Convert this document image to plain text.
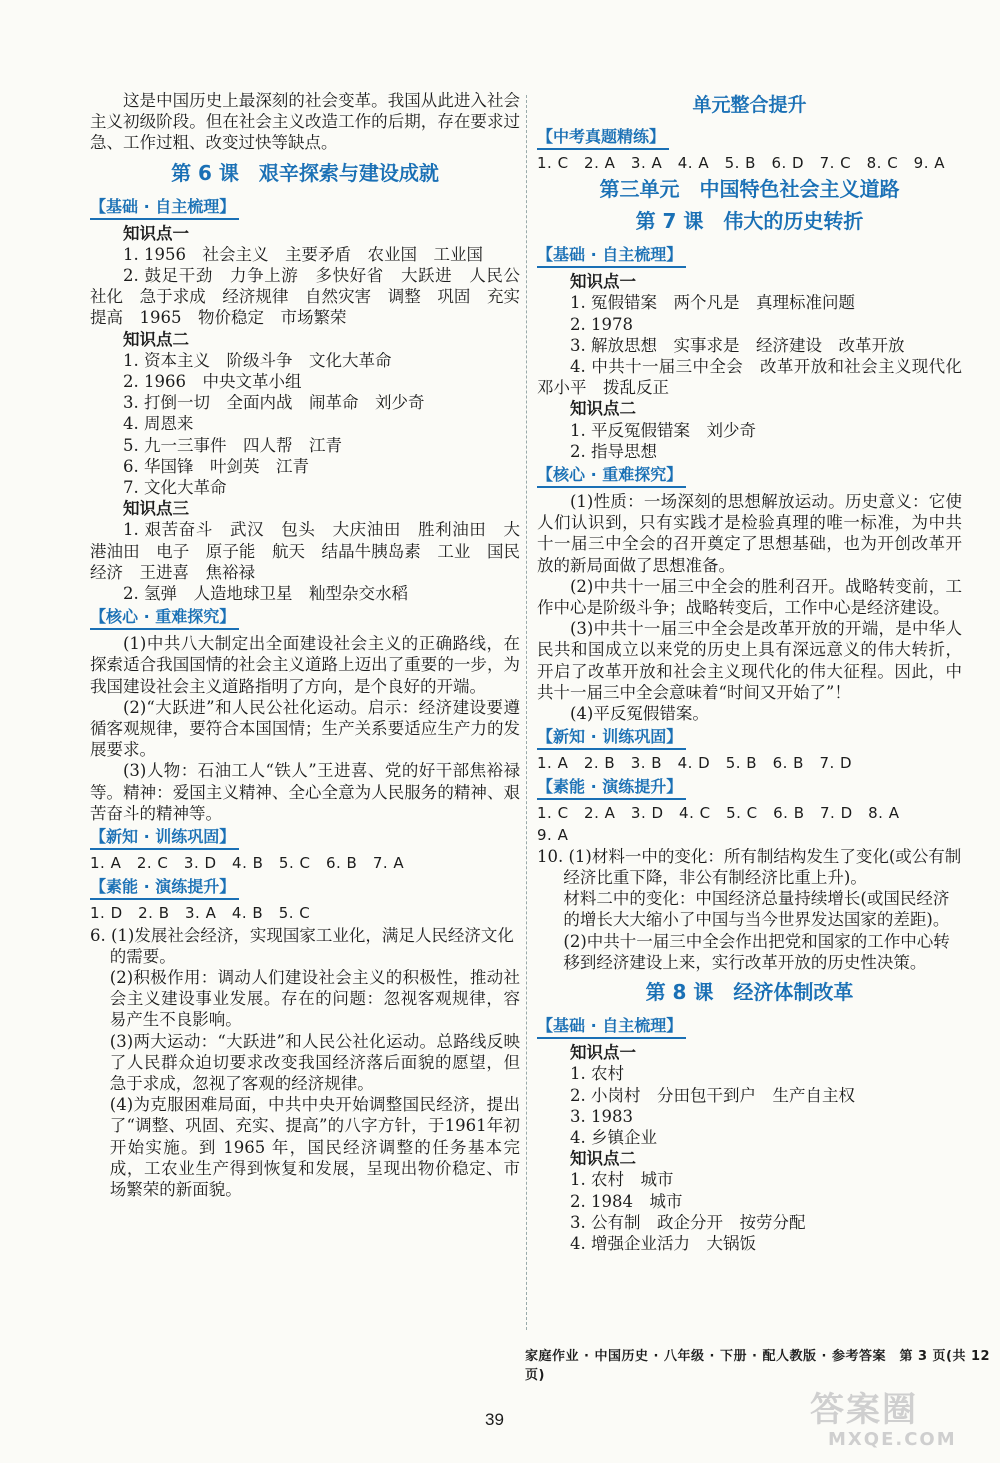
这是中国历史上最深刻的社会变革。我国从此进入社会主义初级阶段。但在社会主义改造工作的后期，存在要求过急、工作过粗、改变过快等缺点。
第 6 课　艰辛探索与建设成就
【基础 · 自主梳理】
知识点一
1. 1956　社会主义　主要矛盾　农业国　工业国
2. 鼓足干劲　力争上游　多快好省　大跃进　人民公社化　急于求成　经济规律　自然灾害　调整　巩固　充实　提高　1965　物价稳定　市场繁荣
知识点二
1. 资本主义　阶级斗争　文化大革命
2. 1966　中央文革小组
3. 打倒一切　全面内战　闹革命　刘少奇
4. 周恩来
5. 九一三事件　四人帮　江青
6. 华国锋　叶剑英　江青
7. 文化大革命
知识点三
1. 艰苦奋斗　武汉　包头　大庆油田　胜利油田　大港油田　电子　原子能　航天　结晶牛胰岛素　工业　国民经济　王进喜　焦裕禄
2. 氢弹　人造地球卫星　籼型杂交水稻
【核心 · 重难探究】
(1)中共八大制定出全面建设社会主义的正确路线，在探索适合我国国情的社会主义道路上迈出了重要的一步，为我国建设社会主义道路指明了方向，是个良好的开端。
(2)“大跃进”和人民公社化运动。启示：经济建设要遵循客观规律，要符合本国国情；生产关系要适应生产力的发展要求。
(3)人物：石油工人“铁人”王进喜、党的好干部焦裕禄等。精神：爱国主义精神、全心全意为人民服务的精神、艰苦奋斗的精神等。
【新知 · 训练巩固】
1. A　2. C　3. D　4. B　5. C　6. B　7. A
【素能 · 演练提升】
1. D　2. B　3. A　4. B　5. C
6. (1)发展社会经济，实现国家工业化，满足人民经济文化的需要。
(2)积极作用：调动人们建设社会主义的积极性，推动社会主义建设事业发展。存在的问题：忽视客观规律，容易产生不良影响。
(3)两大运动：“大跃进”和人民公社化运动。总路线反映了人民群众迫切要求改变我国经济落后面貌的愿望，但急于求成，忽视了客观的经济规律。
(4)为克服困难局面，中共中央开始调整国民经济，提出了“调整、巩固、充实、提高”的八字方针，于1961年初开始实施。到 1965 年，国民经济调整的任务基本完成，工农业生产得到恢复和发展，呈现出物价稳定、市场繁荣的新面貌。
单元整合提升
【中考真题精练】
1. C　2. A　3. A　4. A　5. B　6. D　7. C　8. C　9. A
第三单元　中国特色社会主义道路
第 7 课　伟大的历史转折
【基础 · 自主梳理】
知识点一
1. 冤假错案　两个凡是　真理标准问题
2. 1978
3. 解放思想　实事求是　经济建设　改革开放
4. 中共十一届三中全会　改革开放和社会主义现代化　邓小平　拨乱反正
知识点二
1. 平反冤假错案　刘少奇
2. 指导思想
【核心 · 重难探究】
(1)性质：一场深刻的思想解放运动。历史意义：它使人们认识到，只有实践才是检验真理的唯一标准，为中共十一届三中全会的召开奠定了思想基础，也为开创改革开放的新局面做了思想准备。
(2)中共十一届三中全会的胜利召开。战略转变前，工作中心是阶级斗争；战略转变后，工作中心是经济建设。
(3)中共十一届三中全会是改革开放的开端，是中华人民共和国成立以来党的历史上具有深远意义的伟大转折，开启了改革开放和社会主义现代化的伟大征程。因此，中共十一届三中全会意味着“时间又开始了”！
(4)平反冤假错案。
【新知 · 训练巩固】
1. A　2. B　3. B　4. D　5. B　6. B　7. D
【素能 · 演练提升】
1. C　2. A　3. D　4. C　5. C　6. B　7. D　8. A
9. A
10. (1)材料一中的变化：所有制结构发生了变化(或公有制经济比重下降，非公有制经济比重上升)。
材料二中的变化：中国经济总量持续增长(或国民经济的增长大大缩小了中国与当今世界发达国家的差距)。
(2)中共十一届三中全会作出把党和国家的工作中心转移到经济建设上来，实行改革开放的历史性决策。
第 8 课　经济体制改革
【基础 · 自主梳理】
知识点一
1. 农村
2. 小岗村　分田包干到户　生产自主权
3. 1983
4. 乡镇企业
知识点二
1. 农村　城市
2. 1984　城市
3. 公有制　政企分开　按劳分配
4. 增强企业活力　大锅饭
家庭作业 · 中国历史 · 八年级 · 下册 · 配人教版 · 参考答案　第 3 页(共 12 页)
39	答案圈
MXQE.COM
